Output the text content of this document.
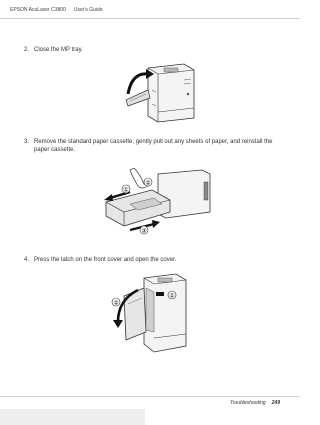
EPSON AcuLaser C3800 User's Guide
2. Close the MP tray.
3. Remove the standard paper cassette, gently pull out any sheets of paper, and reinstall the paper cassette.
①
②
③
4. Press the latch on the front cover and open the cover.
①
②
Troubleshooting 249
